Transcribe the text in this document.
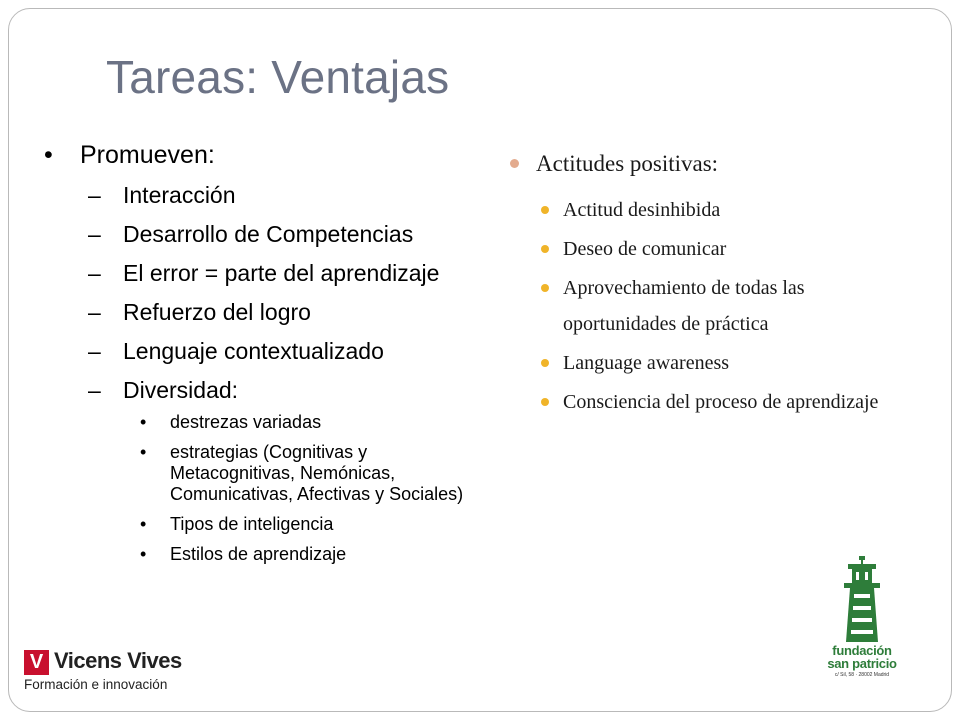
Tareas: Ventajas
• Promueven:
– Interacción
– Desarrollo de Competencias
– El error = parte del aprendizaje
– Refuerzo del logro
– Lenguaje contextualizado
– Diversidad:
• destrezas variadas
• estrategias (Cognitivas y Metacognitivas, Nemónicas, Comunicativas, Afectivas y Sociales)
• Tipos de inteligencia
• Estilos de aprendizaje
Actitudes positivas:
Actitud desinhibida
Deseo de comunicar
Aprovechamiento de todas las oportunidades de práctica
Language awareness
Consciencia del proceso de aprendizaje
V Vicens Vives
Formación e innovación
fundación
san patricio
c/ Sil, 58 · 28002 Madrid
